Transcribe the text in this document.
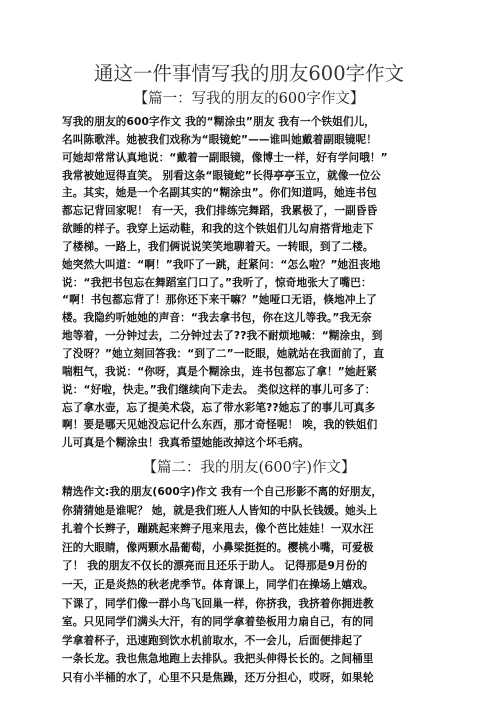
通这一件事情写我的朋友600字作文
【篇一：写我的朋友的600字作文】
写我的朋友的600字作文 我的“糊涂虫”朋友 我有一个铁姐们儿，
名叫陈歌泮。她被我们戏称为“眼镜蛇”——谁叫她戴着副眼镜呢！
可她却常常认真地说：“戴着一副眼镜，像博士一样，好有学问哦！”
我常被她逗得直笑。 别看这条“眼镜蛇”长得亭亭玉立，就像一位公
主。其实，她是一个名副其实的“糊涂虫”。你们知道吗，她连书包
都忘记背回家呢！ 有一天，我们排练完舞蹈，我累极了，一副昏昏
欲睡的样子。我穿上运动鞋，和我的这个铁姐们儿勾肩搭背地走下
了楼梯。一路上，我们俩说说笑笑地聊着天。一转眼，到了二楼。
她突然大叫道：“啊！”我吓了一跳，赶紧问：“怎么啦？”她沮丧地
说：“我把书包忘在舞蹈室门口了。”我听了，惊奇地张大了嘴巴：
“啊！书包都忘背了！那你还下来干嘛？”她哑口无语，倏地冲上了
楼。我隐约听她她的声音：“我去拿书包，你在这儿等我。”我无奈
地等着，一分钟过去，二分钟过去了??我不耐烦地喊：“糊涂虫，到
了没呀？”她立刻回答我：“到了二”一眨眼，她就站在我面前了，直
喘粗气，我说：“你呀，真是个糊涂虫，连书包都忘了拿！”她赶紧
说：“好啦，快走。”我们继续向下走去。 类似这样的事儿可多了：
忘了拿水壶，忘了提美术袋，忘了带水彩笔??她忘了的事儿可真多
啊！要是哪天见她没忘记什么东西，那才奇怪呢！ 唉，我的铁姐们
儿可真是个糊涂虫！我真希望她能改掉这个坏毛病。
【篇二：我的朋友(600字)作文】
精选作文:我的朋友(600字)作文 我有一个自己形影不离的好朋友，
你猜猜她是谁呢？ 她，就是我们班人人皆知的中队长钱媛。她头上
扎着个长辫子，蹦跳起来辫子甩来甩去，像个芭比娃娃！一双水汪
汪的大眼睛，像两颗水晶葡萄，小鼻梁挺挺的。樱桃小嘴，可爱极
了！ 我的朋友不仅长的漂亮而且还乐于助人。 记得那是9月份的
一天，正是炎热的秋老虎季节。体育课上，同学们在操场上嬉戏。
下课了，同学们像一群小鸟飞回巢一样，你挤我，我挤着你拥进教
室。只见同学们满头大汗，有的同学拿着垫板用力扇自己，有的同
学拿着杯子，迅速跑到饮水机前取水，不一会儿，后面便排起了
一条长龙。我也焦急地跑上去排队。我把头伸得长长的。之间桶里
只有小半桶的水了，心里不只是焦躁，还万分担心，哎呀，如果轮
